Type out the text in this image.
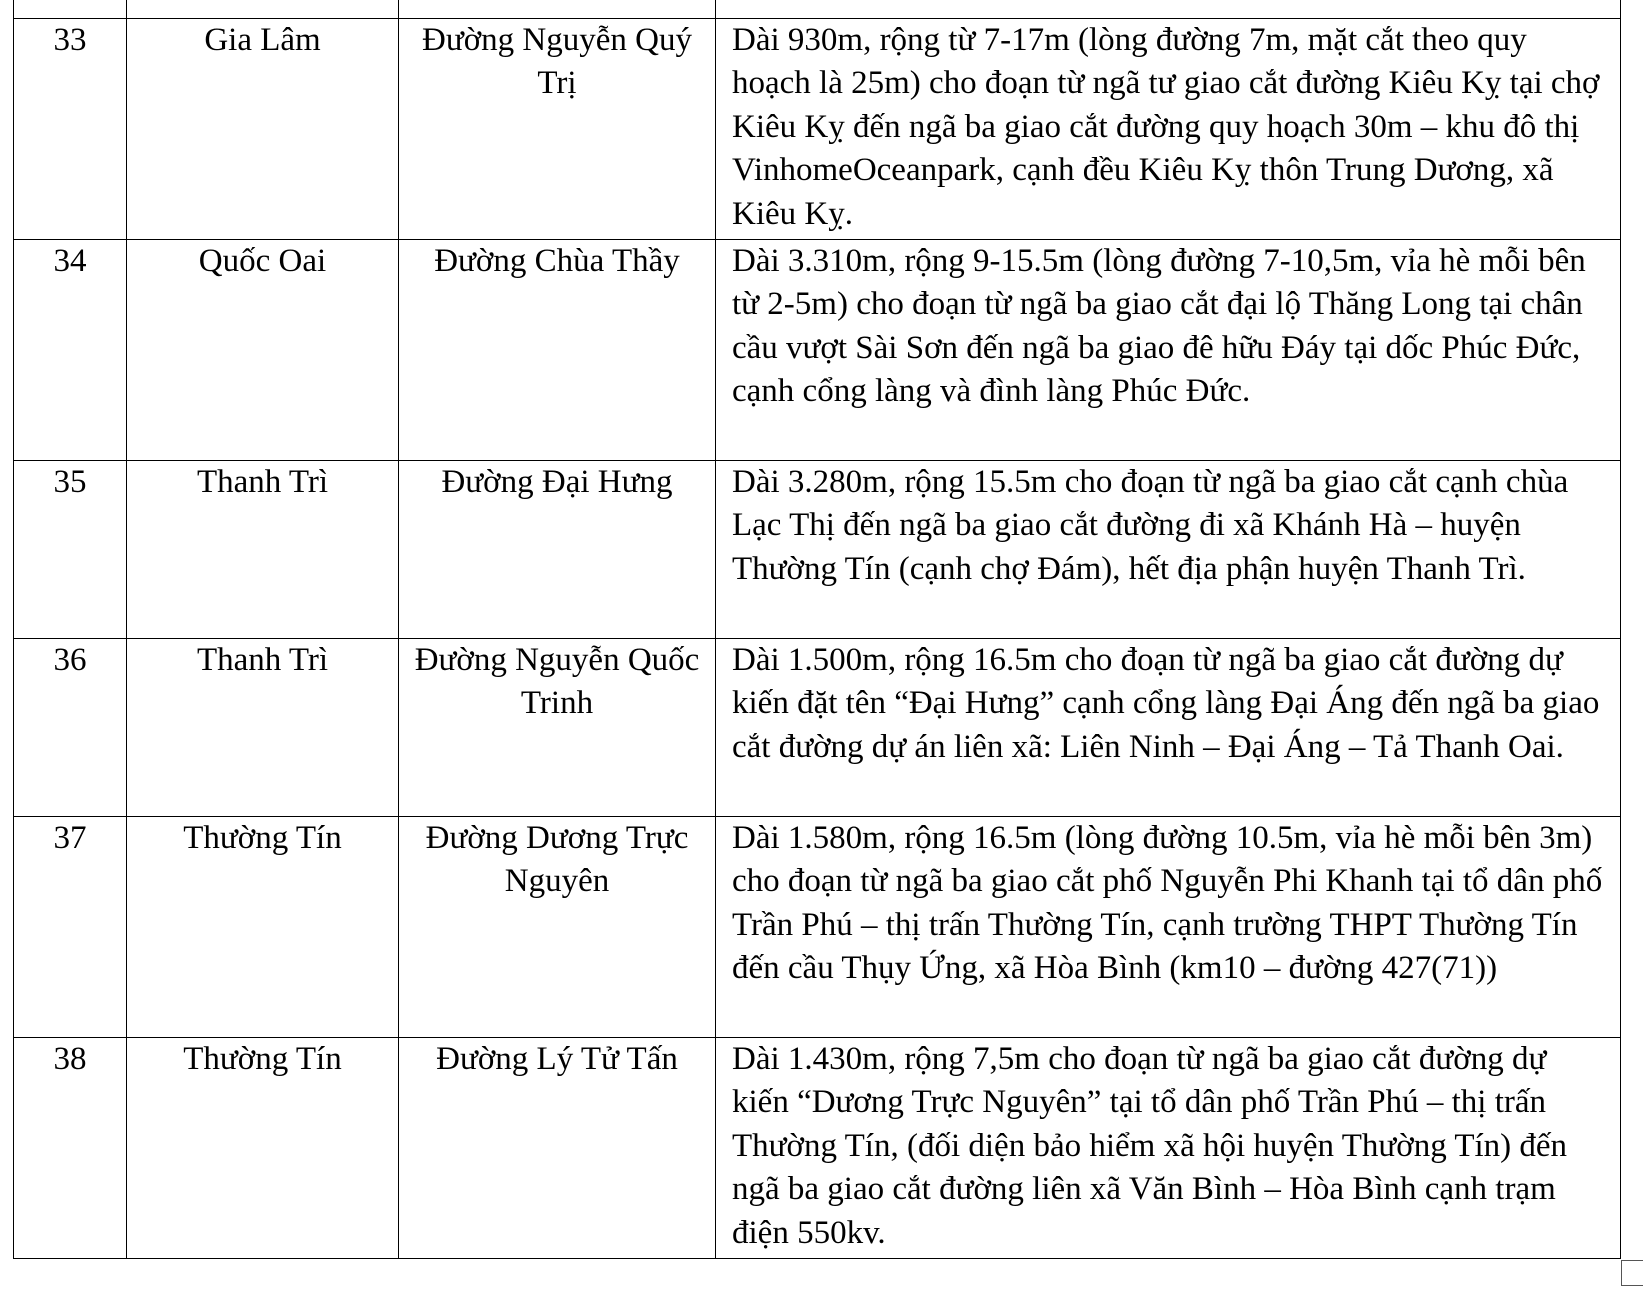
33	Gia Lâm	Đường Nguyễn Quý Trị	Dài 930m, rộng từ 7-17m (lòng đường 7m, mặt cắt theo quy hoạch là 25m) cho đoạn từ ngã tư giao cắt đường Kiêu Kỵ tại chợ Kiêu Kỵ đến ngã ba giao cắt đường quy hoạch 30m – khu đô thị VinhomeOceanpark, cạnh đều Kiêu Kỵ thôn Trung Dương, xã Kiêu Kỵ.

34	Quốc Oai	Đường Chùa Thầy	Dài 3.310m, rộng 9-15.5m (lòng đường 7-10,5m, vỉa hè mỗi bên từ 2-5m) cho đoạn từ ngã ba giao cắt đại lộ Thăng Long tại chân cầu vượt Sài Sơn đến ngã ba giao đê hữu Đáy tại dốc Phúc Đức, cạnh cổng làng và đình làng Phúc Đức.

35	Thanh Trì	Đường Đại Hưng	Dài 3.280m, rộng 15.5m cho đoạn từ ngã ba giao cắt cạnh chùa Lạc Thị đến ngã ba giao cắt đường đi xã Khánh Hà – huyện Thường Tín (cạnh chợ Đám), hết địa phận huyện Thanh Trì.

36	Thanh Trì	Đường Nguyễn Quốc Trinh	Dài 1.500m, rộng 16.5m cho đoạn từ ngã ba giao cắt đường dự kiến đặt tên “Đại Hưng” cạnh cổng làng Đại Áng đến ngã ba giao cắt đường dự án liên xã: Liên Ninh – Đại Áng – Tả Thanh Oai.

37	Thường Tín	Đường Dương Trực Nguyên	Dài 1.580m, rộng 16.5m (lòng đường 10.5m, vỉa hè mỗi bên 3m) cho đoạn từ ngã ba giao cắt phố Nguyễn Phi Khanh tại tổ dân phố Trần Phú – thị trấn Thường Tín, cạnh trường THPT Thường Tín đến cầu Thụy Ứng, xã Hòa Bình (km10 – đường 427(71))

38	Thường Tín	Đường Lý Tử Tấn	Dài 1.430m, rộng 7,5m cho đoạn từ ngã ba giao cắt đường dự kiến “Dương Trực Nguyên” tại tổ dân phố Trần Phú – thị trấn Thường Tín, (đối diện bảo hiểm xã hội huyện Thường Tín) đến ngã ba giao cắt đường liên xã Văn Bình – Hòa Bình cạnh trạm điện 550kv.
